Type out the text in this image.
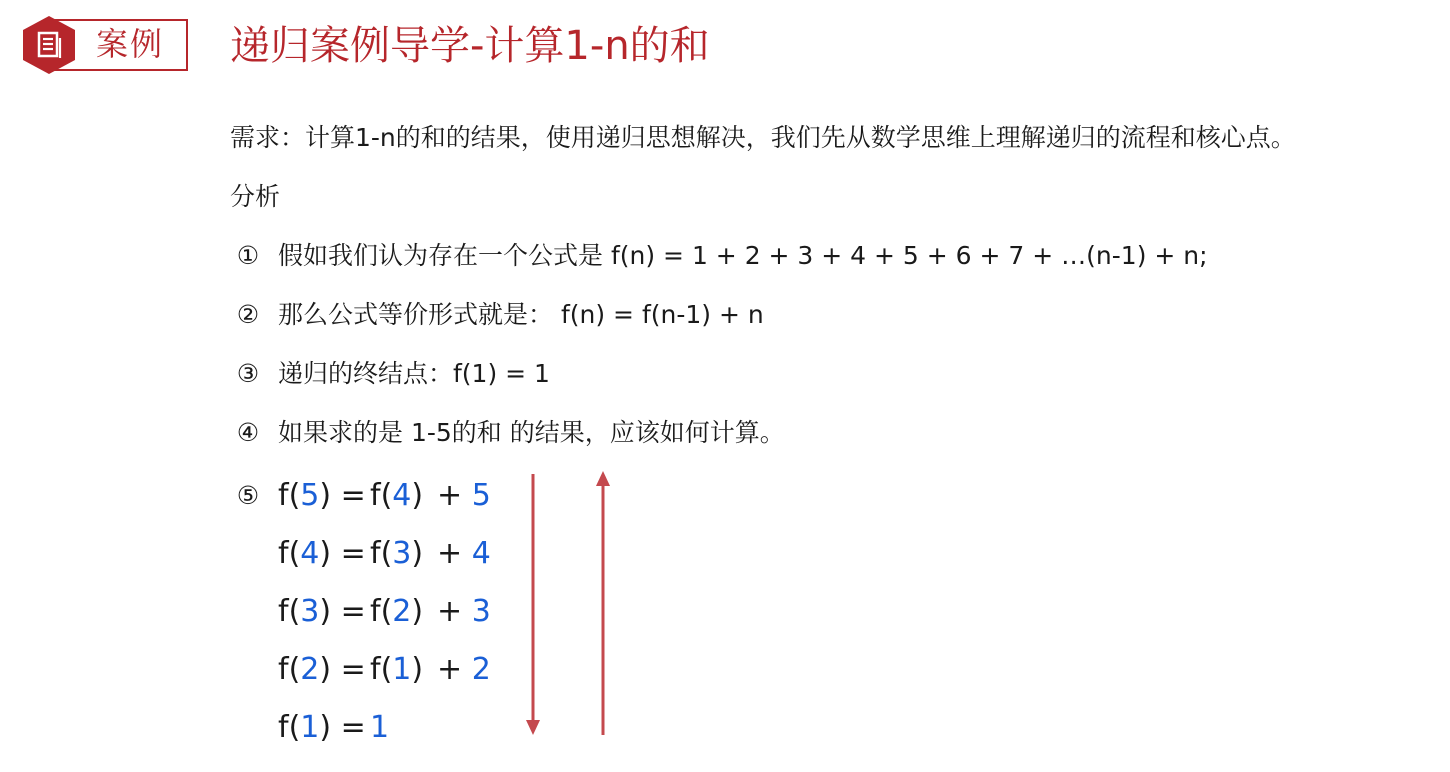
案例 递归案例导学-计算1-n的和
需求：计算1-n的和的结果，使用递归思想解决，我们先从数学思维上理解递归的流程和核心点。
分析
① 假如我们认为存在一个公式是 f(n) = 1 + 2 + 3 + 4 + 5 + 6 + 7 + …(n-1) + n;
② 那么公式等价形式就是： f(n) = f(n-1) + n
③ 递归的终结点：f(1) = 1
④ 如果求的是 1-5的和 的结果，应该如何计算。
⑤ f(5) = f(4) + 5
f(4) = f(3) + 4
f(3) = f(2) + 3
f(2) = f(1) + 2
f(1) = 1
